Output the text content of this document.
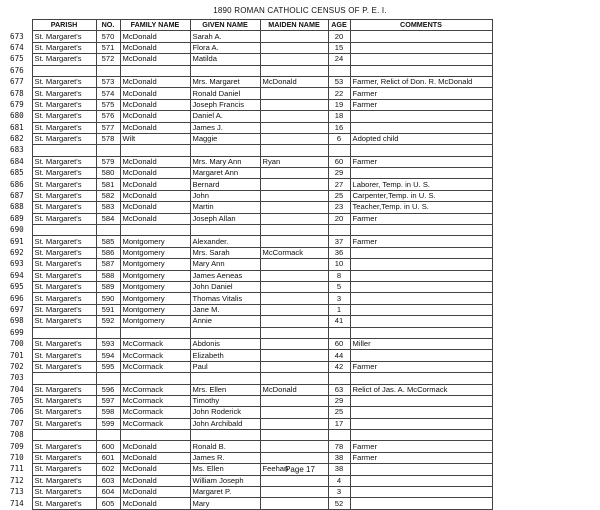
1890 ROMAN CATHOLIC CENSUS OF P. E. I.
	PARISH	NO.	FAMILY NAME	GIVEN NAME	MAIDEN NAME	AGE	COMMENTS
673	St. Margaret's	570	McDonald	Sarah A.		20	
674	St. Margaret's	571	McDonald	Flora A.		15	
675	St. Margaret's	572	McDonald	Matilda		24	
676							
677	St. Margaret's	573	McDonald	Mrs. Margaret	McDonald	53	Farmer, Relict of Don. R. McDonald
678	St. Margaret's	574	McDonald	Ronald Daniel		22	Farmer
679	St. Margaret's	575	McDonald	Joseph Francis		19	Farmer
680	St. Margaret's	576	McDonald	Daniel A.		18	
681	St. Margaret's	577	McDonald	James J.		16	
682	St. Margaret's	578	Wilt	Maggie		6	Adopted child
683							
684	St. Margaret's	579	McDonald	Mrs. Mary Ann	Ryan	60	Farmer
685	St. Margaret's	580	McDonald	Margaret Ann		29	
686	St. Margaret's	581	McDonald	Bernard		27	Laborer, Temp. in U. S.
687	St. Margaret's	582	McDonald	John		25	Carpenter,Temp. in U. S.
688	St. Margaret's	583	McDonald	Martin		23	Teacher,Temp. in U. S.
689	St. Margaret's	584	McDonald	Joseph Allan		20	Farmer
690							
691	St. Margaret's	585	Montgomery	Alexander.		37	Farmer
692	St. Margaret's	586	Montgomery	Mrs. Sarah	McCormack	36	
693	St. Margaret's	587	Montgomery	Mary Ann		10	
694	St. Margaret's	588	Montgomery	James Aeneas		8	
695	St. Margaret's	589	Montgomery	John Daniel		5	
696	St. Margaret's	590	Montgomery	Thomas Vitalis		3	
697	St. Margaret's	591	Montgomery	Jane M.		1	
698	St. Margaret's	592	Montgomery	Annie		41	
699							
700	St. Margaret's	593	McCormack	Abdonis		60	Miller
701	St. Margaret's	594	McCormack	Elizabeth		44	
702	St. Margaret's	595	McCormack	Paul		42	Farmer
703							
704	St. Margaret's	596	McCormack	Mrs. Ellen	McDonald	63	Relict of Jas. A. McCormack
705	St. Margaret's	597	McCormack	Timothy		29	
706	St. Margaret's	598	McCormack	John Roderick		25	
707	St. Margaret's	599	McCormack	John Archibald		17	
708							
709	St. Margaret's	600	McDonald	Ronald B.		78	Farmer
710	St. Margaret's	601	McDonald	James R.		38	Farmer
711	St. Margaret's	602	McDonald	Ms. Ellen	Feehan	38	
712	St. Margaret's	603	McDonald	William Joseph		4	
713	St. Margaret's	604	McDonald	Margaret P.		3	
714	St. Margaret's	605	McDonald	Mary		52	
Page 17
